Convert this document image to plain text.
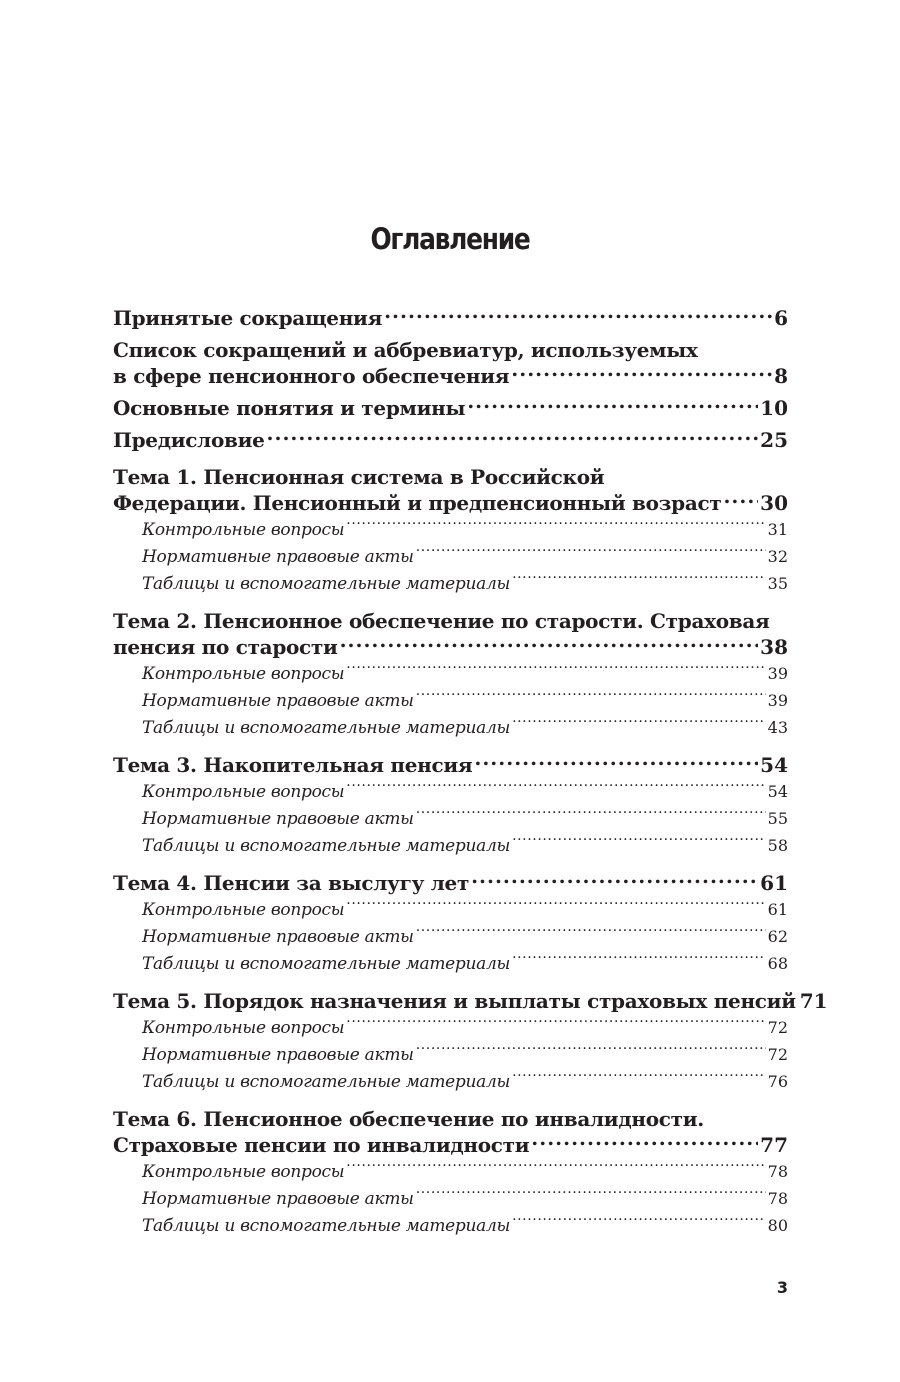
Оглавление
Принятые сокращения .....	6
Список сокращений и аббревиатур, используемых
в сфере пенсионного обеспечения .....	8
Основные понятия и термины .....	10
Предисловие .....	25
Тема 1. Пенсионная система в Российской
Федерации. Пенсионный и предпенсионный возраст ..... 30
Контрольные вопросы .....	31
Нормативные правовые акты .....	32
Таблицы и вспомогательные материалы .....	35
Тема 2. Пенсионное обеспечение по старости. Страховая
пенсия по старости .....	38
Контрольные вопросы .....	39
Нормативные правовые акты .....	39
Таблицы и вспомогательные материалы .....	43
Тема 3. Накопительная пенсия .....	54
Контрольные вопросы .....	54
Нормативные правовые акты .....	55
Таблицы и вспомогательные материалы .....	58
Тема 4. Пенсии за выслугу лет .....	61
Контрольные вопросы .....	61
Нормативные правовые акты .....	62
Таблицы и вспомогательные материалы .....	68
Тема 5. Порядок назначения и выплаты страховых пенсий 71
Контрольные вопросы .....	72
Нормативные правовые акты .....	72
Таблицы и вспомогательные материалы .....	76
Тема 6. Пенсионное обеспечение по инвалидности.
Страховые пенсии по инвалидности .....	77
Контрольные вопросы .....	78
Нормативные правовые акты .....	78
Таблицы и вспомогательные материалы .....	80
3
